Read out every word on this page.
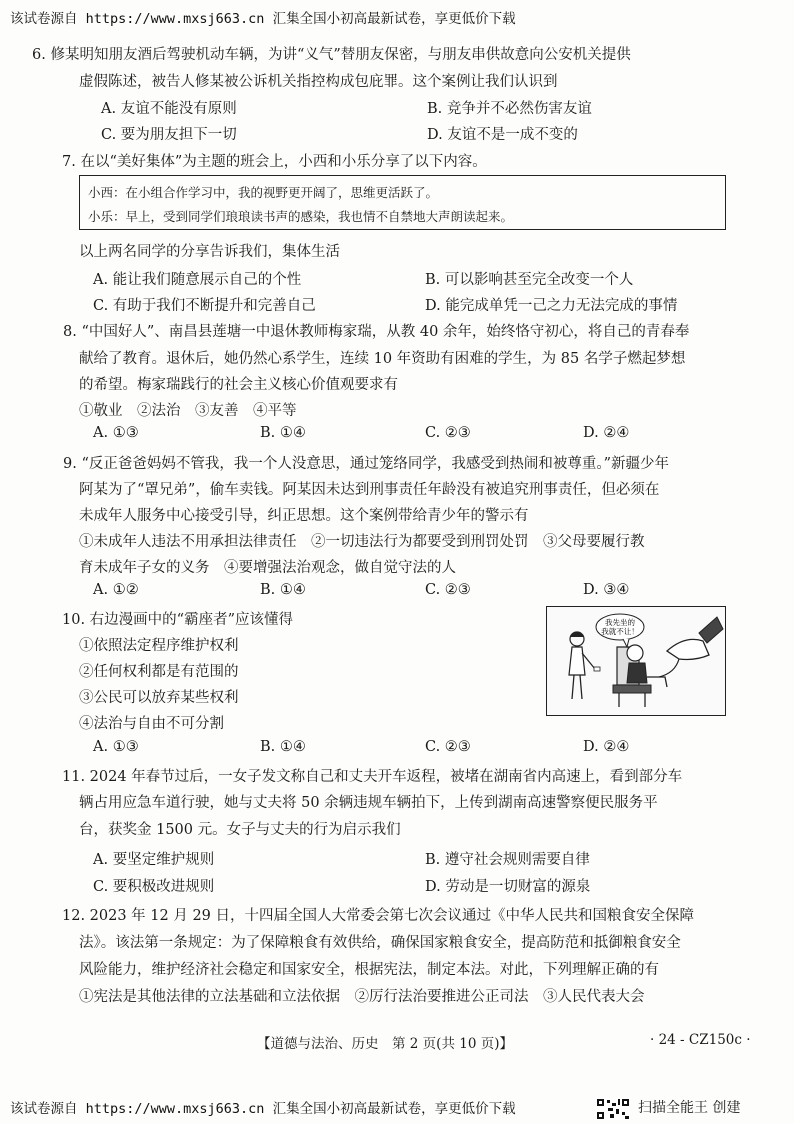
该试卷源自 https://www.mxsj663.cn 汇集全国小初高最新试卷，享更低价下载
6. 修某明知朋友酒后驾驶机动车辆，为讲“义气”替朋友保密，与朋友串供故意向公安机关提供
虚假陈述，被告人修某被公诉机关指控构成包庇罪。这个案例让我们认识到
A. 友谊不能没有原则	B. 竞争并不必然伤害友谊
C. 要为朋友担下一切	D. 友谊不是一成不变的
7. 在以“美好集体”为主题的班会上，小西和小乐分享了以下内容。
小西：在小组合作学习中，我的视野更开阔了，思维更活跃了。
小乐：早上，受到同学们琅琅读书声的感染，我也情不自禁地大声朗读起来。
以上两名同学的分享告诉我们，集体生活
A. 能让我们随意展示自己的个性	B. 可以影响甚至完全改变一个人
C. 有助于我们不断提升和完善自己	D. 能完成单凭一己之力无法完成的事情
8. “中国好人”、南昌县莲塘一中退休教师梅家瑞，从教 40 余年，始终恪守初心，将自己的青春奉
献给了教育。退休后，她仍然心系学生，连续 10 年资助有困难的学生，为 85 名学子燃起梦想
的希望。梅家瑞践行的社会主义核心价值观要求有
①敬业　②法治　③友善　④平等
A. ①③	B. ①④	C. ②③	D. ②④
9. “反正爸爸妈妈不管我，我一个人没意思，通过笼络同学，我感受到热闹和被尊重。”新疆少年
阿某为了“罩兄弟”，偷车卖钱。阿某因未达到刑事责任年龄没有被追究刑事责任，但必须在
未成年人服务中心接受引导，纠正思想。这个案例带给青少年的警示有
①未成年人违法不用承担法律责任　②一切违法行为都要受到刑罚处罚　③父母要履行教
育未成年子女的义务　④要增强法治观念，做自觉守法的人
A. ①②	B. ①④	C. ②③	D. ③④
10. 右边漫画中的“霸座者”应该懂得
①依照法定程序维护权利
②任何权利都是有范围的
③公民可以放弃某些权利
④法治与自由不可分割
A. ①③	B. ①④	C. ②③	D. ②④
我先坐的
我就不让！
11. 2024 年春节过后，一女子发文称自己和丈夫开车返程，被堵在湖南省内高速上，看到部分车
辆占用应急车道行驶，她与丈夫将 50 余辆违规车辆拍下，上传到湖南高速警察便民服务平
台，获奖金 1500 元。女子与丈夫的行为启示我们
A. 要坚定维护规则	B. 遵守社会规则需要自律
C. 要积极改进规则	D. 劳动是一切财富的源泉
12. 2023 年 12 月 29 日，十四届全国人大常委会第七次会议通过《中华人民共和国粮食安全保障
法》。该法第一条规定：为了保障粮食有效供给，确保国家粮食安全，提高防范和抵御粮食安全
风险能力，维护经济社会稳定和国家安全，根据宪法，制定本法。对此，下列理解正确的有
①宪法是其他法律的立法基础和立法依据　②厉行法治要推进公正司法　③人民代表大会
【道德与法治、历史　第 2 页(共 10 页)】	· 24 - CZ150c ·
该试卷源自 https://www.mxsj663.cn 汇集全国小初高最新试卷，享更低价下载	扫描全能王 创建
